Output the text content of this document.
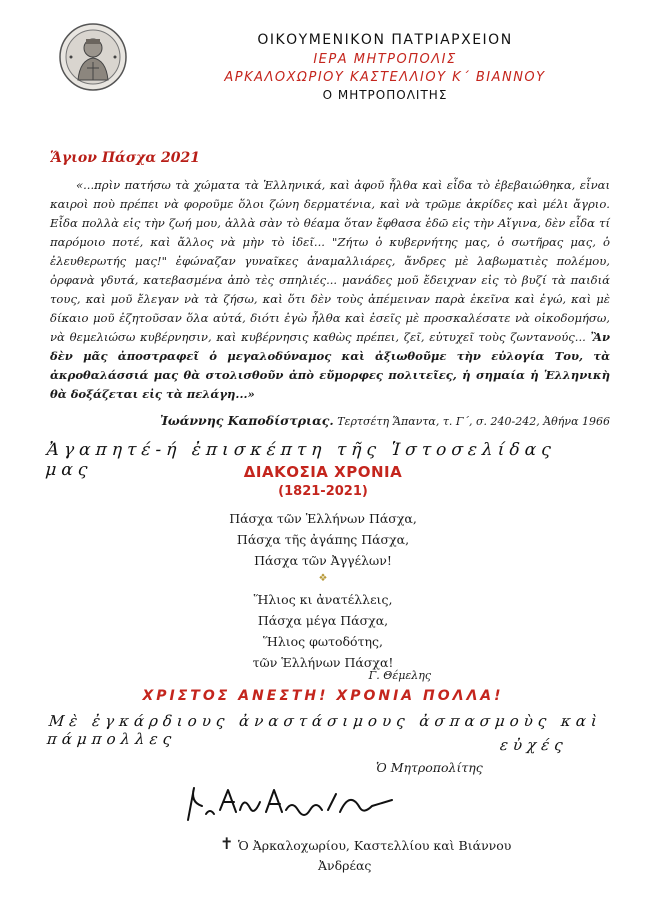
ΟΙΚΟΥΜΕΝΙΚΟΝ ΠΑΤΡΙΑΡΧΕΙΟΝ
ΙΕΡΑ ΜΗΤΡΟΠΟΛΙΣ
ΑΡΚΑΛΟΧΩΡΙΟΥ ΚΑΣΤΕΛΛΙΟΥ Κ΄ ΒΙΑΝΝΟΥ
Ο ΜΗΤΡΟΠΟΛΙΤΗΣ
Ἅγιον Πάσχα 2021
«...πρὶν πατήσω τὰ χώματα τὰ Ἑλληνικά, καὶ ἀφοῦ ἦλθα καὶ εἶδα τὸ ἐβεβαιώθηκα, εἶναι καιροὶ ποὺ πρέπει νὰ φοροῦμε ὅλοι ζώνη δερματένια, καὶ νὰ τρῶμε ἀκρίδες καὶ μέλι ἄγριο. Εἶδα πολλὰ εἰς τὴν ζωή μου, ἀλλὰ σὰν τὸ θέαμα ὅταν ἔφθασα ἐδῶ εἰς τὴν Αἴγινα, δὲν εἶδα τί παρόμοιο ποτέ, καὶ ἄλλος νὰ μὴν τὸ ἰδεῖ... "Ζήτω ὁ κυβερνήτης μας, ὁ σωτῆρας μας, ὁ ἐλευθερωτής μας!" ἐφώναζαν γυναῖκες ἀναμαλλιάρες, ἄνδρες μὲ λαβωματιὲς πολέμου, ὀρφανὰ γδυτά, κατεβασμένα ἀπὸ τὲς σπηλιές... μανάδες μοῦ ἔδειχναν εἰς τὸ βυζί τὰ παιδιά τους, καὶ μοῦ ἔλεγαν νὰ τὰ ζήσω, καὶ ὅτι δὲν τοὺς ἀπέμειναν παρὰ ἐκεῖνα καὶ ἐγώ, καὶ μὲ δίκαιο μοῦ ἐζητοῦσαν ὅλα αὐτά, διότι ἐγὼ ἦλθα καὶ ἐσεῖς μὲ προσκαλέσατε νὰ οἰκοδομήσω, νὰ θεμελιώσω κυβέρνησιν, καὶ κυβέρνησις καθὼς πρέπει, ζεῖ, εὐτυχεῖ τοὺς ζωντανούς... Ἂν δὲν μᾶς ἀποστραφεῖ ὁ μεγαλοδύναμος καὶ ἀξιωθοῦμε τὴν εὐλογία Του, τὰ ἀκροθαλάσσιά μας θὰ στολισθοῦν ἀπὸ εὔμορφες πολιτεῖες, ἡ σημαία ἡ Ἑλληνικὴ θὰ δοξάζεται εἰς τὰ πελάγη...»
Ἰωάννης Καποδίστριας. Τερτσέτη Ἅπαντα, τ. Γ΄, σ. 240-242, Ἀθήνα 1966
Ἀγαπητέ-ή ἐπισκέπτη τῆς Ἱστοσελίδας μας	ΔΙΑΚΟΣΙΑ ΧΡΟΝΙΑ
(1821-2021)
Πάσχα τῶν Ἑλλήνων Πάσχα,
Πάσχα τῆς ἀγάπης Πάσχα,
Πάσχα τῶν Ἀγγέλων!
❖
Ἥλιος κι ἀνατέλλεις,
Πάσχα μέγα Πάσχα,
Ἥλιος φωτοδότης,
τῶν Ἑλλήνων Πάσχα!
Γ. Θέμελης
ΧΡΙΣΤΟΣ ΑΝΕΣΤΗ! ΧΡΟΝΙΑ ΠΟΛΛΑ!
Μὲ ἐγκάρδιους ἀναστάσιμους ἀσπασμοὺς καὶ πάμπολλες	εὐχές
Ὁ Μητροπολίτης
✝ Ὁ Ἀρκαλοχωρίου, Καστελλίου καὶ Βιάννου
Ἀνδρέας
